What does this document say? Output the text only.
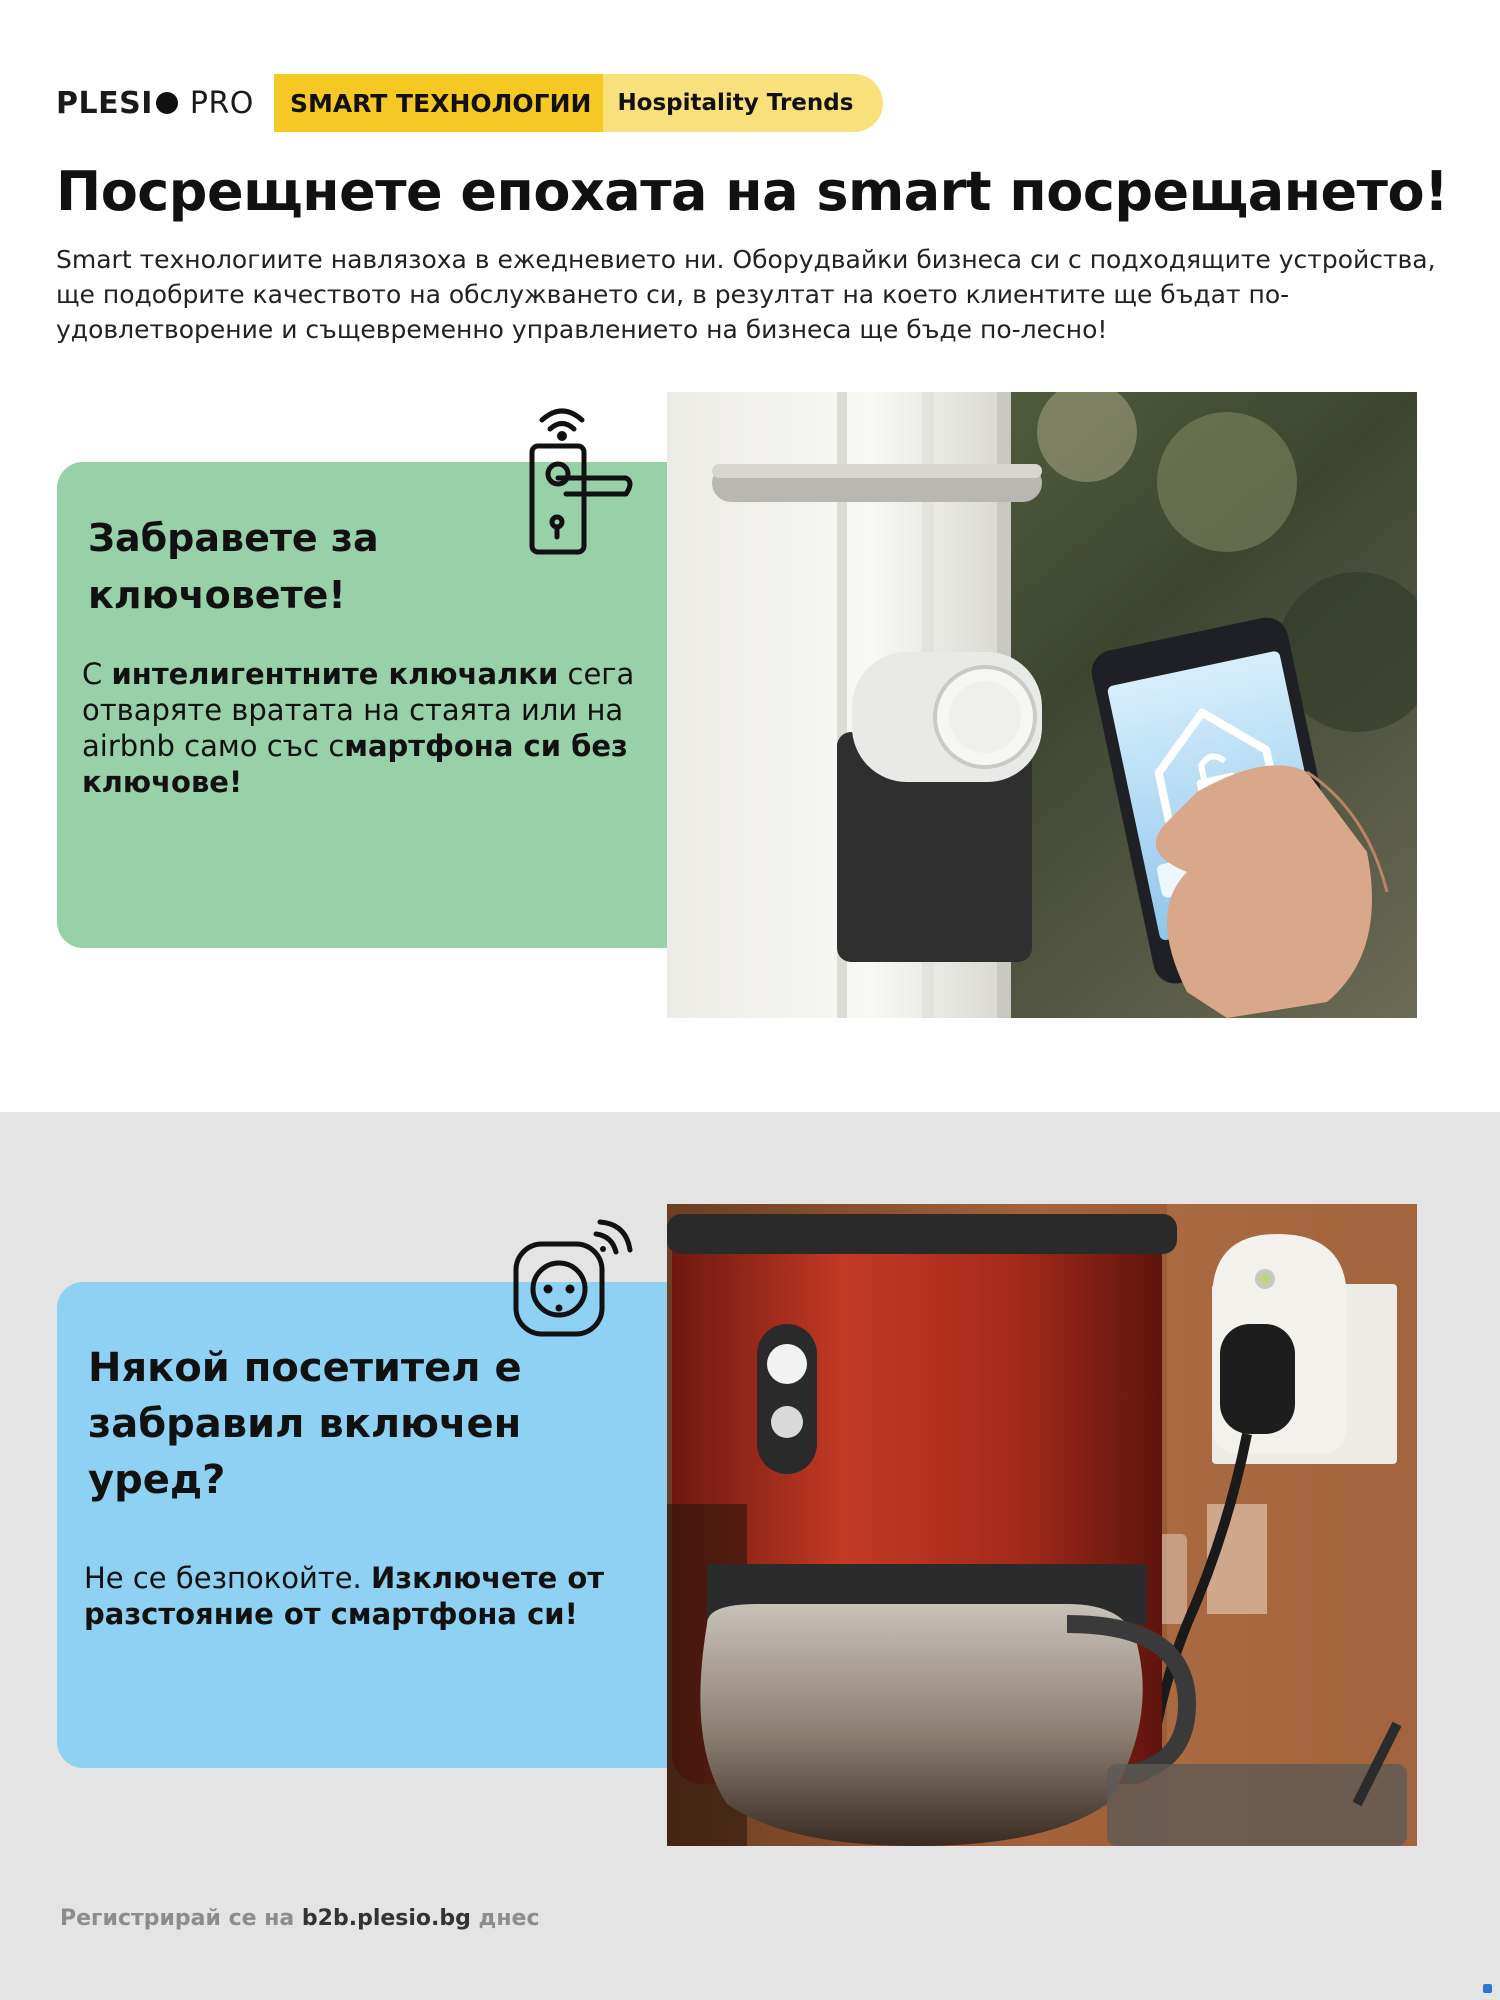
PLESI PRO	SMART ТЕХНОЛОГИИ	Hospitality Trends
Посрещнете епохата на smart посрещането!

Smart технологиите навлязоха в ежедневието ни. Оборудвайки бизнеса си с подходящите устройства, ще подобрите качеството на обслужването си, в резултат на което клиентите ще бъдат по-удовлетворение и същевременно управлението на бизнеса ще бъде по-лесно!

Забравете за ключовете!

С интелигентните ключалки сега отваряте вратата на стаята или на airbnb само със смартфона си без ключове!

Някой посетител е забравил включен уред?

Не се безпокойте. Изключете от разстояние от смартфона си!

Регистрирай се на b2b.plesio.bg днес
